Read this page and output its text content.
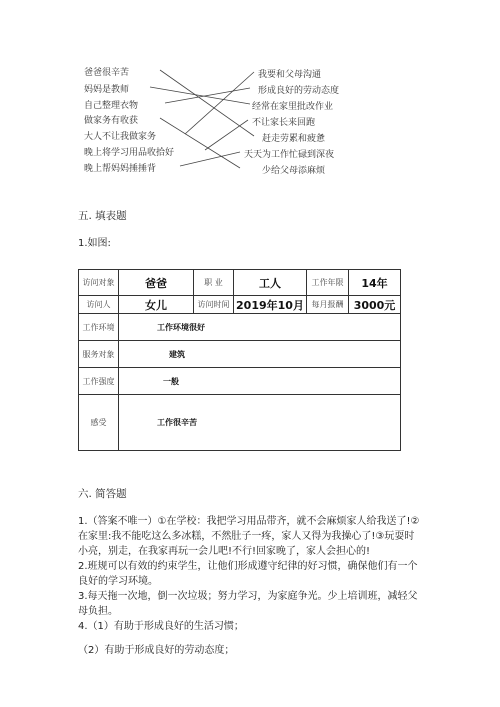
爸爸很辛苦
妈妈是教师
自己整理衣物
做家务有收获
大人不让我做家务
晚上将学习用品收拾好
晚上帮妈妈捶捶背
我要和父母沟通
形成良好的劳动态度
经常在家里批改作业
不让家长来回跑
赶走劳累和疲惫
天天为工作忙碌到深夜
少给父母添麻烦
五. 填表题
1.如图:
访问对象	爸爸	职 业	工人	工作年限	14年
访问人	女儿	访问时间	2019年10月	每月报酬	3000元
工作环境	工作环境很好				
服务对象	建筑				
工作强度	一般				
感受	工作很辛苦				
六. 简答题
1.（答案不唯一）①在学校：我把学习用品带齐，就不会麻烦家人给我送了!②
在家里:我不能吃这么多冰糕，不然肚子一疼，家人又得为我操心了!③玩耍时
小亮，别走，在我家再玩一会儿吧!不行!回家晚了，家人会担心的!
2.班规可以有效的约束学生，让他们形成遵守纪律的好习惯，确保他们有一个
良好的学习环境。
3.每天拖一次地，倒一次垃圾；努力学习，为家庭争光。少上培训班，减轻父
母负担。
4.（1）有助于形成良好的生活习惯；
（2）有助于形成良好的劳动态度；
